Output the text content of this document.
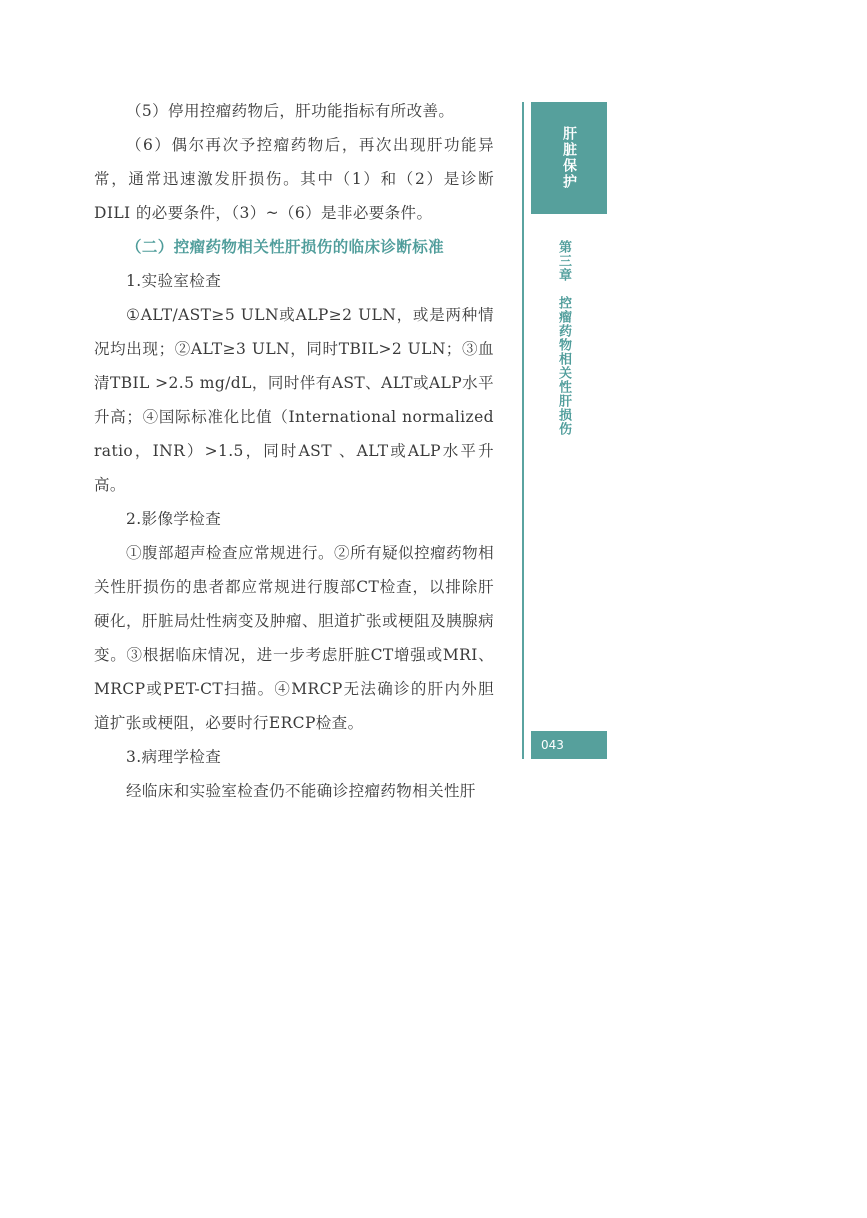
（5）停用控瘤药物后，肝功能指标有所改善。

（6）偶尔再次予控瘤药物后，再次出现肝功能异常，通常迅速激发肝损伤。其中（1）和（2）是诊断DILI 的必要条件，（3）~（6）是非必要条件。

（二）控瘤药物相关性肝损伤的临床诊断标准

1.实验室检查

①ALT/AST≥5 ULN或ALP≥2 ULN，或是两种情况均出现；②ALT≥3 ULN，同时TBIL>2 ULN；③血清TBIL >2.5 mg/dL，同时伴有AST、ALT或ALP水平升高；④国际标准化比值（International normalized ratio，INR）>1.5，同时AST 、ALT或ALP水平升高。

2.影像学检查

①腹部超声检查应常规进行。②所有疑似控瘤药物相关性肝损伤的患者都应常规进行腹部CT检查，以排除肝硬化，肝脏局灶性病变及肿瘤、胆道扩张或梗阻及胰腺病变。③根据临床情况，进一步考虑肝脏CT增强或MRI、MRCP或PET-CT扫描。④MRCP无法确诊的肝内外胆道扩张或梗阻，必要时行ERCP检查。

3.病理学检查

经临床和实验室检查仍不能确诊控瘤药物相关性肝

肝脏保护
第三章控瘤药物相关性肝损伤
043
